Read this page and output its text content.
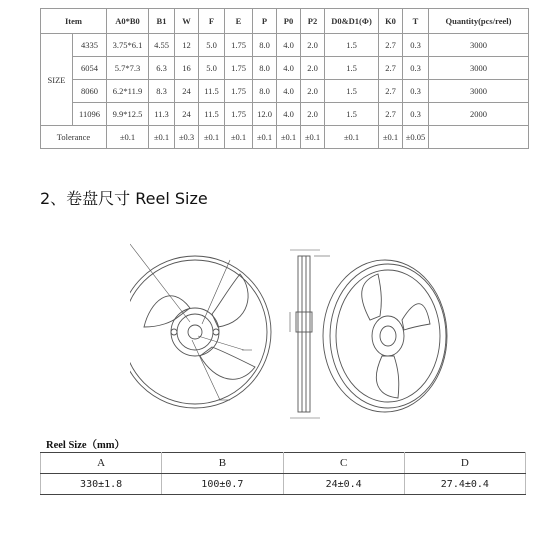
Item		A0*B0	B1	W	F	E	P	P0	P2	D0&D1(Φ)	K0	T	Quantity(pcs/reel)
SIZE	4335	3.75*6.1	4.55	12	5.0	1.75	8.0	4.0	2.0	1.5	2.7	0.3	3000
	6054	5.7*7.3	6.3	16	5.0	1.75	8.0	4.0	2.0	1.5	2.7	0.3	3000
	8060	6.2*11.9	8.3	24	11.5	1.75	8.0	4.0	2.0	1.5	2.7	0.3	3000
	11096	9.9*12.5	11.3	24	11.5	1.75	12.0	4.0	2.0	1.5	2.7	0.3	2000
Tolerance		±0.1	±0.1	±0.3	±0.1	±0.1	±0.1	±0.1	±0.1	±0.1	±0.1	±0.05	
2、卷盘尺寸 Reel Size
Reel Size（mm）
A	B	C	D
330±1.8	100±0.7	24±0.4	27.4±0.4
